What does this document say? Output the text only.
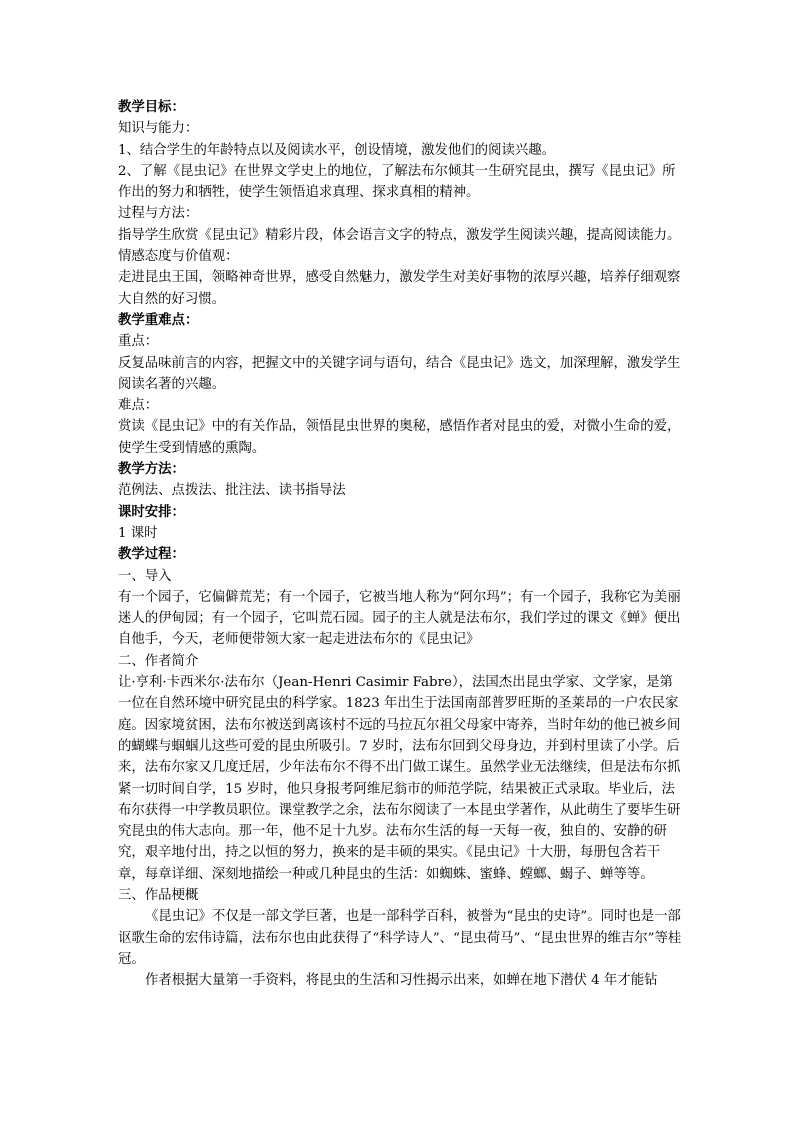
教学目标：
知识与能力：
1、结合学生的年龄特点以及阅读水平，创设情境，激发他们的阅读兴趣。
2、了解《昆虫记》在世界文学史上的地位，了解法布尔倾其一生研究昆虫，撰写《昆虫记》所作出的努力和牺牲，使学生领悟追求真理、探求真相的精神。
过程与方法：
指导学生欣赏《昆虫记》精彩片段，体会语言文字的特点，激发学生阅读兴趣，提高阅读能力。
情感态度与价值观：
走进昆虫王国，领略神奇世界，感受自然魅力，激发学生对美好事物的浓厚兴趣，培养仔细观察大自然的好习惯。
教学重难点：
重点：
反复品味前言的内容，把握文中的关键字词与语句，结合《昆虫记》选文，加深理解，激发学生阅读名著的兴趣。
难点：
赏读《昆虫记》中的有关作品，领悟昆虫世界的奥秘，感悟作者对昆虫的爱，对微小生命的爱，使学生受到情感的熏陶。
教学方法：
范例法、点拨法、批注法、读书指导法
课时安排：
1 课时
教学过程：
一、导入
有一个园子，它偏僻荒芜；有一个园子，它被当地人称为“阿尔玛”；有一个园子，我称它为美丽迷人的伊甸园；有一个园子，它叫荒石园。园子的主人就是法布尔，我们学过的课文《蝉》便出自他手，今天，老师便带领大家一起走进法布尔的《昆虫记》
二、作者简介
让·亨利·卡西米尔·法布尔（Jean-Henri Casimir Fabre），法国杰出昆虫学家、文学家，是第一位在自然环境中研究昆虫的科学家。1823 年出生于法国南部普罗旺斯的圣莱昂的一户农民家庭。因家境贫困，法布尔被送到离该村不远的马拉瓦尔祖父母家中寄养，当时年幼的他已被乡间的蝴蝶与蝈蝈儿这些可爱的昆虫所吸引。7 岁时，法布尔回到父母身边，并到村里读了小学。后来，法布尔家又几度迁居，少年法布尔不得不出门做工谋生。虽然学业无法继续，但是法布尔抓紧一切时间自学，15 岁时，他只身报考阿维尼翁市的师范学院，结果被正式录取。毕业后，法布尔获得一中学教员职位。课堂教学之余，法布尔阅读了一本昆虫学著作，从此萌生了要毕生研究昆虫的伟大志向。那一年，他不足十九岁。法布尔生活的每一天每一夜，独自的、安静的研究，艰辛地付出，持之以恒的努力，换来的是丰硕的果实。《昆虫记》十大册，每册包含若干章，每章详细、深刻地描绘一种或几种昆虫的生活：如蜘蛛、蜜蜂、螳螂、蝎子、蝉等等。
三、作品梗概
《昆虫记》不仅是一部文学巨著，也是一部科学百科，被誉为“昆虫的史诗”。同时也是一部讴歌生命的宏伟诗篇，法布尔也由此获得了“科学诗人”、“昆虫荷马”、“昆虫世界的维吉尔”等桂冠。
作者根据大量第一手资料，将昆虫的生活和习性揭示出来，如蝉在地下潜伏 4 年才能钻
